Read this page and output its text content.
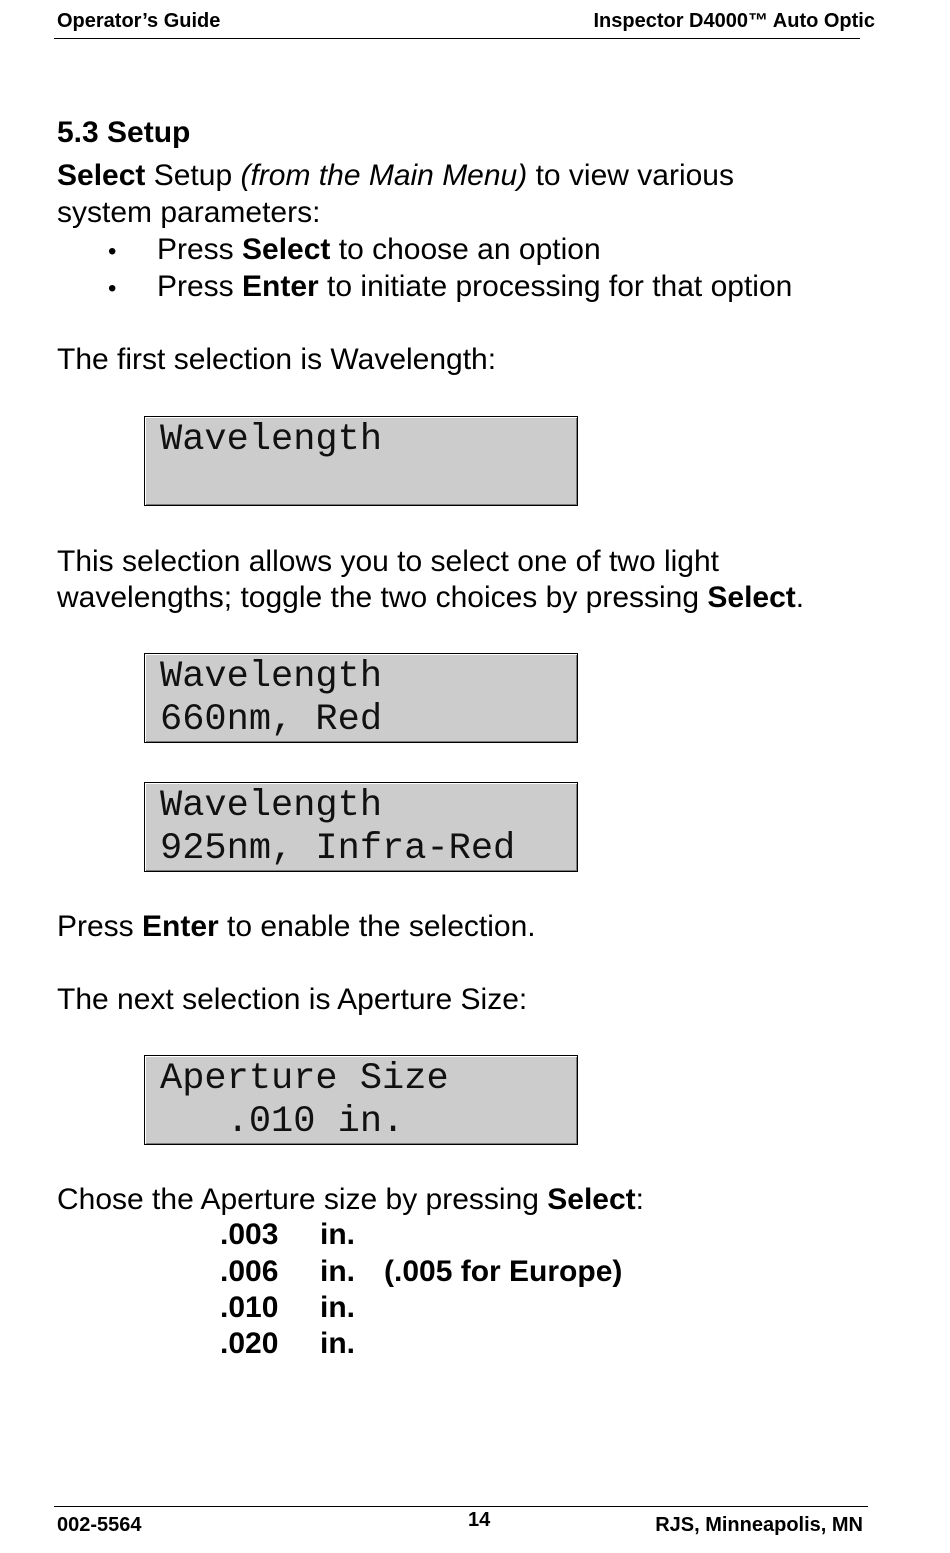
Operator’s Guide	Inspector D4000™ Auto Optic
5.3 Setup
Select Setup (from the Main Menu) to view various
system parameters:
• Press Select to choose an option
• Press Enter to initiate processing for that option
The first selection is Wavelength:
Wavelength
This selection allows you to select one of two light
wavelengths; toggle the two choices by pressing Select.
Wavelength
660nm, Red
Wavelength
925nm, Infra-Red
Press Enter to enable the selection.
The next selection is Aperture Size:
Aperture Size
.010 in.
Chose the Aperture size by pressing Select:
.003 in.
.006 in. (.005 for Europe)
.010 in.
.020 in.
002-5564	14	RJS, Minneapolis, MN
